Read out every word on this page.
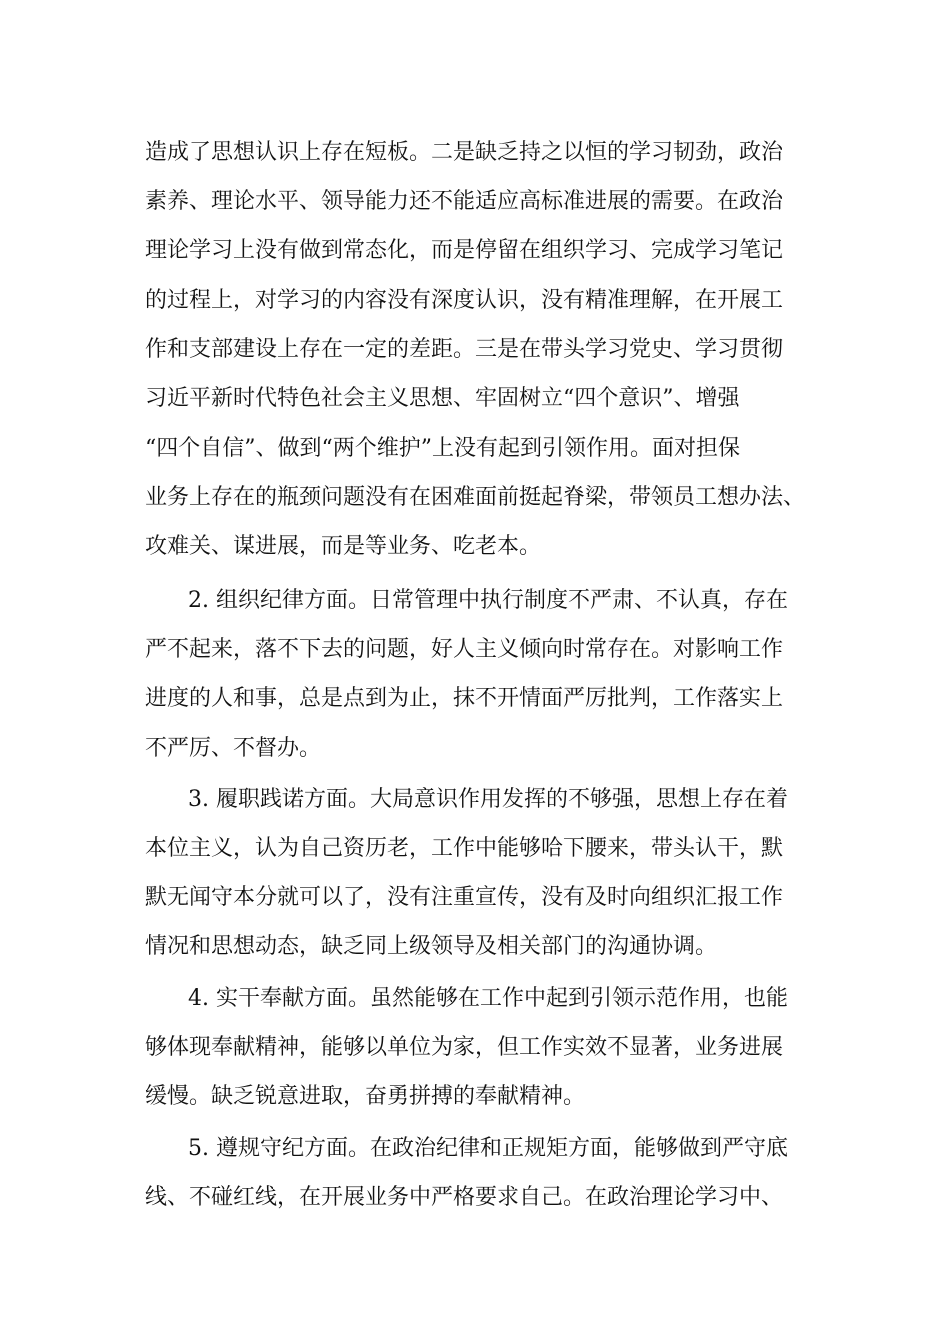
造成了思想认识上存在短板。二是缺乏持之以恒的学习韧劲，政治
素养、理论水平、领导能力还不能适应高标准进展的需要。在政治
理论学习上没有做到常态化，而是停留在组织学习、完成学习笔记
的过程上，对学习的内容没有深度认识，没有精准理解，在开展工
作和支部建设上存在一定的差距。三是在带头学习党史、学习贯彻
习近平新时代特色社会主义思想、牢固树立“四个意识”、增强
“四个自信”、做到“两个维护”上没有起到引领作用。面对担保
业务上存在的瓶颈问题没有在困难面前挺起脊梁，带领员工想办法、
攻难关、谋进展，而是等业务、吃老本。
2. 组织纪律方面。日常管理中执行制度不严肃、不认真，存在
严不起来，落不下去的问题，好人主义倾向时常存在。对影响工作
进度的人和事，总是点到为止，抹不开情面严厉批判，工作落实上
不严厉、不督办。
3. 履职践诺方面。大局意识作用发挥的不够强，思想上存在着
本位主义，认为自己资历老，工作中能够哈下腰来，带头认干，默
默无闻守本分就可以了，没有注重宣传，没有及时向组织汇报工作
情况和思想动态，缺乏同上级领导及相关部门的沟通协调。
4. 实干奉献方面。虽然能够在工作中起到引领示范作用，也能
够体现奉献精神，能够以单位为家，但工作实效不显著，业务进展
缓慢。缺乏锐意进取，奋勇拼搏的奉献精神。
5. 遵规守纪方面。在政治纪律和正规矩方面，能够做到严守底
线、不碰红线，在开展业务中严格要求自己。在政治理论学习中、
